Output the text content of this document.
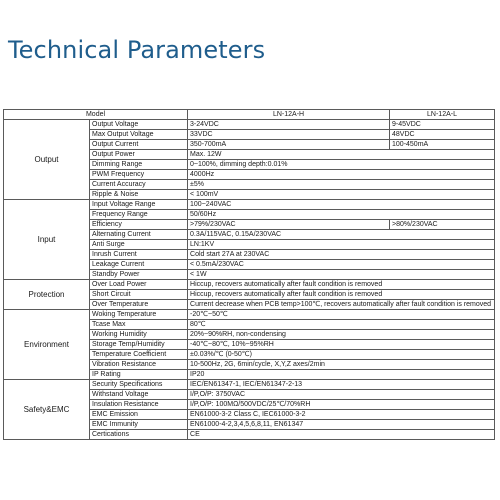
Technical Parameters
Model		LN-12A-H	LN-12A-L
Output	Output Voltage	3-24VDC	9-45VDC
	Max Output Voltage	33VDC	48VDC
	Output Current	350-700mA	100-450mA
	Output Power	Max. 12W	
	Dimming Range	0~100%, dimming depth:0.01%	
	PWM Frequency	4000Hz	
	Current Accuracy	±5%	
	Ripple & Noise	< 100mV	
Input	Input Voltage Range	100~240VAC	
	Frequency Range	50/60Hz	
	Efficiency	>79%/230VAC	>80%/230VAC
	Alternating Current	0.3A/115VAC, 0.15A/230VAC	
	Anti Surge	LN:1KV	
	Inrush Current	Cold start 27A at 230VAC	
	Leakage Current	< 0.5mA/230VAC	
	Standby Power	< 1W	
Protection	Over Load Power	Hiccup, recovers automatically after fault condition is removed	
	Short Circuit	Hiccup, recovers automatically after fault condition is removed	
	Over Temperature	Current decrease when PCB temp>100℃, recovers automatically after fault condition is removed	
Environment	Woking Temperature	-20℃~50℃	
	Tcase Max	80℃	
	Working Humidity	20%~90%RH, non-condensing	
	Storage Temp/Humidity	-40℃~80℃, 10%~95%RH	
	Temperature Coefficient	±0.03%/℃ (0-50℃)	
	Vibration Resistance	10-500Hz, 2G, 6min/cycle, X,Y,Z axes/2min	
	IP Rating	IP20	
Safety&EMC	Security Specifications	IEC/EN61347-1, IEC/EN61347-2-13	
	Withstand Voltage	I/P,O/P: 3750VAC	
	Insulation Resistance	I/P,O/P: 100MΩ/500VDC/25℃/70%RH	
	EMC Emission	EN61000-3-2 Class C, IEC61000-3-2	
	EMC Immunity	EN61000-4-2,3,4,5,6,8,11, EN61347	
	Certications	CE	
